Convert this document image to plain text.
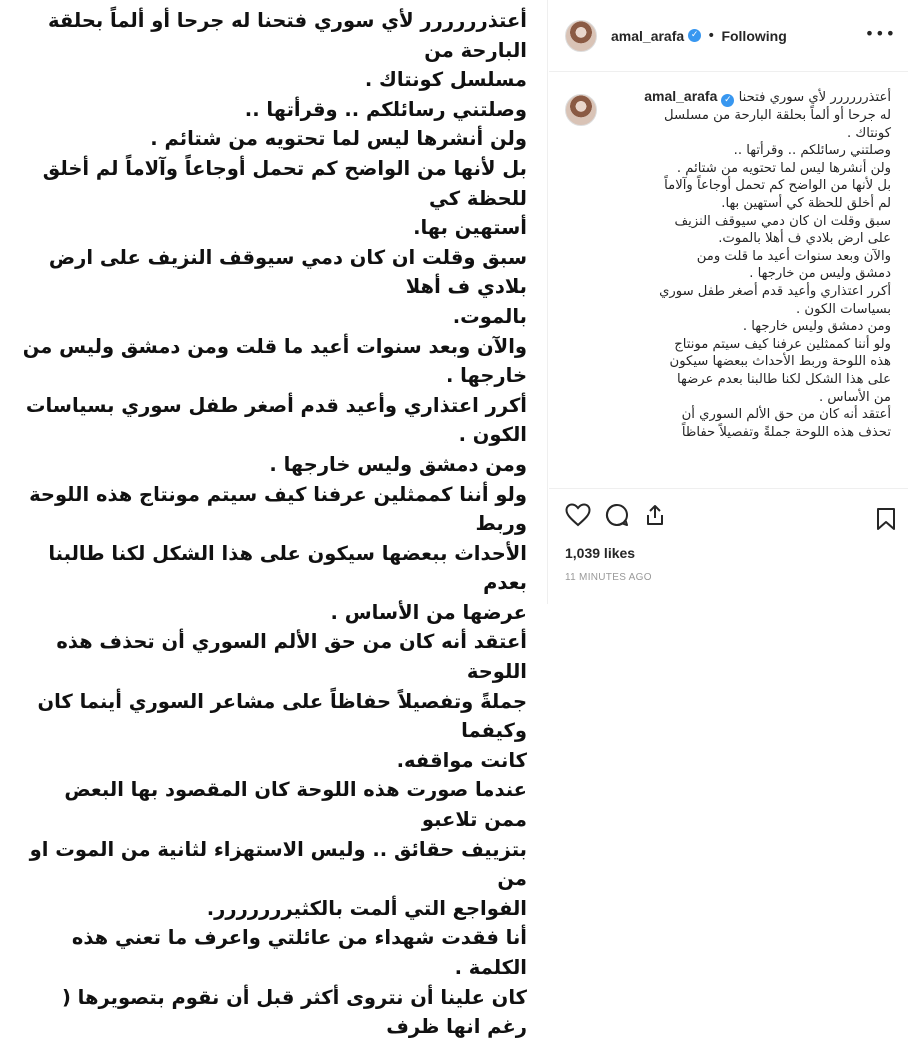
أعتذرررررر لأي سوري فتحنا له جرحا أو ألماً بحلقة البارحة من

مسلسل كونتاك .

وصلتني رسائلكم .. وقرأتها ..

ولن أنشرها ليس لما تحتويه من شتائم .

بل لأنها من الواضح كم تحمل أوجاعاً وآلاماً لم أخلق للحظة كي

أستهين بها.

سبق وقلت ان كان دمي سيوقف النزيف على ارض بلادي ف أهلا

بالموت.

والآن وبعد سنوات أعيد ما قلت ومن دمشق وليس من خارجها .

أكرر اعتذاري وأعيد قدم أصغر طفل سوري بسياسات الكون .

ومن دمشق وليس خارجها .

ولو أننا كممثلين عرفنا كيف سيتم مونتاج هذه اللوحة وربط

الأحداث ببعضها سيكون على هذا الشكل لكنا طالبنا بعدم

عرضها من الأساس .

أعتقد أنه كان من حق الألم السوري أن تحذف هذه اللوحة

جملةً وتفصيلاً حفاظاً على مشاعر السوري أينما كان وكيفما

كانت مواقفه.

عندما صورت هذه اللوحة كان المقصود بها البعض ممن تلاعبو

بتزييف حقائق .. وليس الاستهزاء لثانية من الموت او من

الفواجع التي ألمت بالكثيررررررر.

أنا فقدت شهداء من عائلتي واعرف ما تعني هذه الكلمة .

كان علينا أن نتروى أكثر قبل أن نقوم بتصويرها ( رغم انها ظرف

amal_arafa ✓ • Following	•••
أعتذرررررر لأي سوري فتحنا ✓amal_arafa
له جرحا أو ألماً بحلقة البارحة من مسلسل
كونتاك .
وصلتني رسائلكم .. وقرأتها ..
ولن أنشرها ليس لما تحتويه من شتائم .
بل لأنها من الواضح كم تحمل أوجاعاً وآلاماً
لم أخلق للحظة كي أستهين بها.
سبق وقلت ان كان دمي سيوقف النزيف
على ارض بلادي ف أهلا بالموت.
والآن وبعد سنوات أعيد ما قلت ومن
دمشق وليس من خارجها .
أكرر اعتذاري وأعيد قدم أصغر طفل سوري
بسياسات الكون .
ومن دمشق وليس خارجها .
ولو أننا كممثلين عرفنا كيف سيتم مونتاج
هذه اللوحة وربط الأحداث ببعضها سيكون
على هذا الشكل لكنا طالبنا بعدم عرضها
من الأساس .
أعتقد أنه كان من حق الألم السوري أن
تحذف هذه اللوحة جملةً وتفصيلاً حفاظاً
1,039 likes
11 MINUTES AGO
